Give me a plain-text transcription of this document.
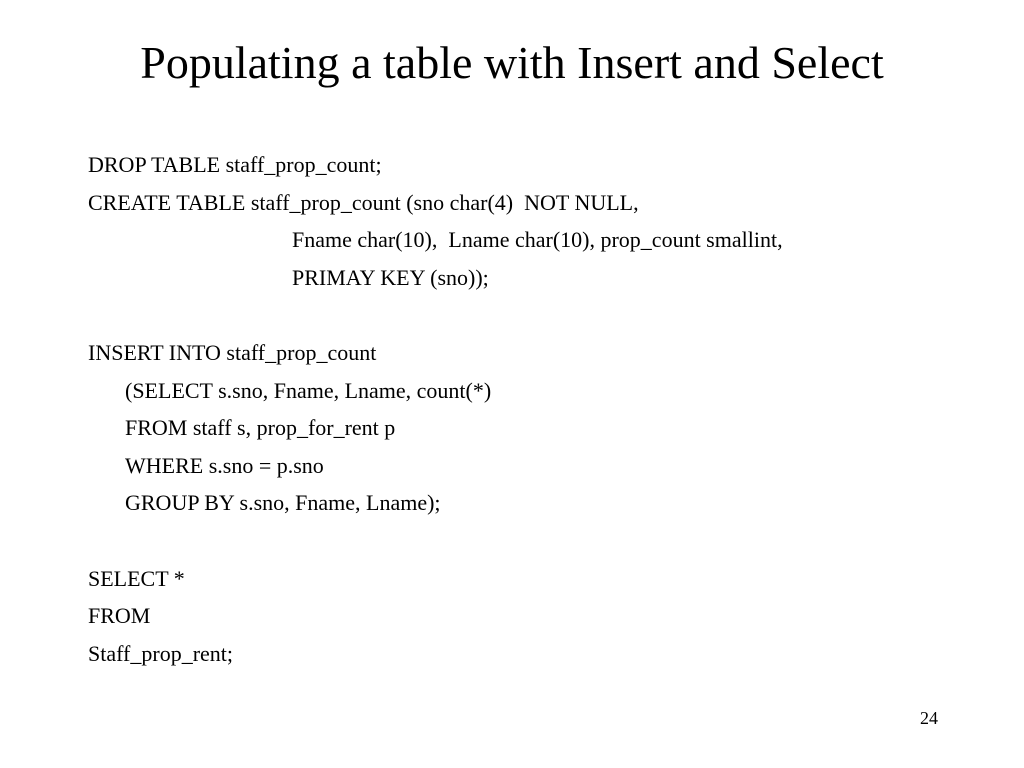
Populating a table with Insert and Select
DROP TABLE staff_prop_count;
CREATE TABLE staff_prop_count (sno char(4)  NOT NULL,
Fname char(10),  Lname char(10), prop_count smallint,
PRIMAY KEY (sno));
INSERT INTO staff_prop_count
(SELECT s.sno, Fname, Lname, count(*)
FROM staff s, prop_for_rent p
WHERE s.sno = p.sno
GROUP BY s.sno, Fname, Lname);
SELECT *
FROM
Staff_prop_rent;
24
